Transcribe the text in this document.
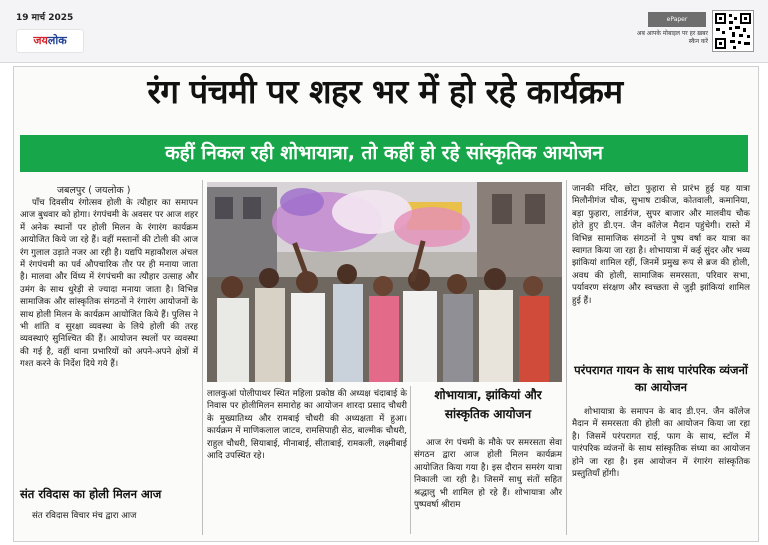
19 मार्च 2025
जयलोक
ePaper
अब आपके मोबाइल पर हर ख़बर स्कैन करें
रंग पंचमी पर शहर भर में हो रहे कार्यक्रम
कहीं निकल रही शोभायात्रा, तो कहीं हो रहे सांस्कृतिक आयोजन
जबलपुर ( जयलोक )
पाँच दिवसीय रंगोत्सव होली के त्यौहार का समापन आज बुधवार को होगा। रंगपंचमी के अवसर पर आज शहर में अनेक स्थानों पर होली मिलन के रंगारंग कार्यक्रम आयोजित किये जा रहे हैं। वहीं मस्तानों की टोली की आज रंग गुलाल उड़ाते नजर आ रही है। यद्यपि महाकौशल अंचल में रंगपंचमी का पर्व औपचारिक तौर पर ही मनाया जाता है। मालवा और विंध्य में रंगपंचमी का त्यौहार उत्साह और उमंग के साथ धुरेड़ी से ज्यादा मनाया जाता है। विभिन्न सामाजिक और सांस्कृतिक संगठनों ने रंगारंग आयोजनों के साथ होली मिलन के कार्यक्रम आयोजित किये हैं। पुलिस ने भी शांति व सुरक्षा व्यवस्था के लिये होली की तरह व्यवस्थाएं सुनिश्चित की हैं। आयोजन स्थलों पर व्यवस्था की गई है, वहीं थाना प्रभारियों को अपने-अपने क्षेत्रों में गश्त करने के निर्देश दिये गये हैं।
संत रविदास का होली मिलन आज
संत रविदास विचार मंच द्वारा आज
लालकुआं पोलीपाथर स्थित महिला प्रकोष्ठ की अध्यक्ष चंदाबाई के निवास पर होलीमिलन समारोह का आयोजन शारदा प्रसाद चौधरी के मुख्यातिथ्य और रामबाई चौधरी की अध्यक्षता में हुआ। कार्यक्रम में माणिकलाल जाटव, रामसिपाही सेठ, बाल्मीक चौधरी, राहुल चौधरी, सियाबाई, मीनाबाई, सीताबाई, रामकली, लक्ष्मीबाई आदि उपस्थित रहे।
शोभायात्रा, झांकियां और सांस्कृतिक आयोजन
आज रंग पंचमी के मौके पर समरसता सेवा संगठन द्वारा आज होली मिलन कार्यक्रम आयोजित किया गया है। इस दौरान समरंग यात्रा निकाली जा रही है। जिसमें साधु संतों सहित श्रद्धालु भी शामिल हो रहे हैं। शोभायात्रा और पुष्पवर्षा श्रीराम
जानकी मंदिर, छोटा फुहारा से प्रारंभ हुई यह यात्रा मिलौनीगंज चौक, सुभाष टाकीज, कोतवाली, कमानिया, बड़ा फुहारा, लार्डगंज, सुपर बाजार और मालवीय चौक होते हुए डी.एन. जैन कॉलेज मैदान पहुंचेगी। रास्ते में विभिन्न सामाजिक संगठनों ने पुष्प वर्षा कर यात्रा का स्वागत किया जा रहा है। शोभायात्रा में कई सुंदर और भव्य झांकियां शामिल रहीं, जिनमें प्रमुख रूप से ब्रज की होली, अवध की होली, सामाजिक समरसता, परिवार सभा, पर्यावरण संरक्षण और स्वच्छता से जुड़ी झांकियां शामिल हुई हैं।
परंपरागत गायन के साथ पारंपरिक व्यंजनों का आयोजन
शोभायात्रा के समापन के बाद डी.एन. जैन कॉलेज मैदान में समरसता की होली का आयोजन किया जा रहा है। जिसमें परंपरागत राई, फाग के साथ, स्टॉल में पारंपरिक व्यंजनों के साथ सांस्कृतिक संध्या का आयोजन होने जा रहा है। इस आयोजन में रंगारंग सांस्कृतिक प्रस्तुतियाँ होंगी।
